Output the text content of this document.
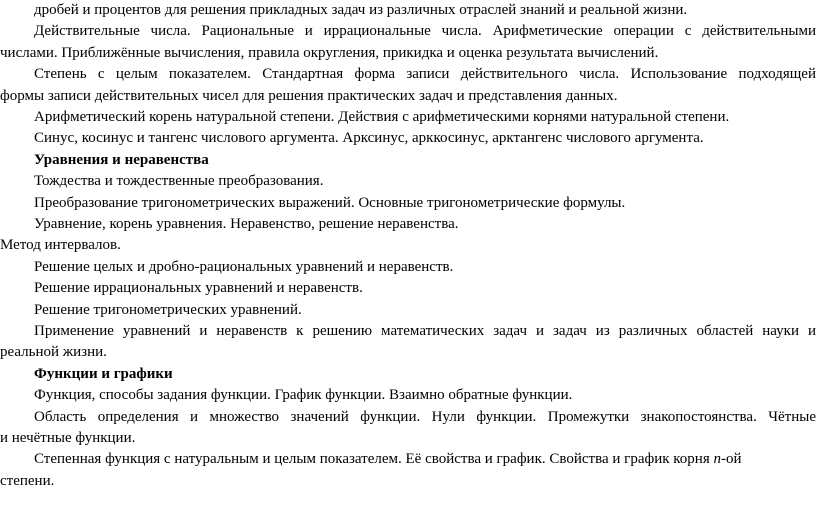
дробей и процентов для решения прикладных задач из различных отраслей знаний и реальной жизни.

Действительные числа. Рациональные и иррациональные числа. Арифметические операции с действительными

числами. Приближённые вычисления, правила округления, прикидка и оценка результата вычислений.

Степень с целым показателем. Стандартная форма записи действительного числа. Использование подходящей

формы записи действительных чисел для решения практических задач и представления данных.

Арифметический корень натуральной степени. Действия с арифметическими корнями натуральной степени.

Синус, косинус и тангенс числового аргумента. Арксинус, арккосинус, арктангенс числового аргумента.

Уравнения и неравенства

Тождества и тождественные преобразования.

Преобразование тригонометрических выражений. Основные тригонометрические формулы.

Уравнение, корень уравнения. Неравенство, решение неравенства.

Метод интервалов.

Решение целых и дробно-рациональных уравнений и неравенств.

Решение иррациональных уравнений и неравенств.

Решение тригонометрических уравнений.

Применение уравнений и неравенств к решению математических задач и задач из различных областей науки и

реальной жизни.

Функции и графики

Функция, способы задания функции. График функции. Взаимно обратные функции.

Область определения и множество значений функции. Нули функции. Промежутки знакопостоянства. Чётные

и нечётные функции.

Степенная функция с натуральным и целым показателем. Её свойства и график. Свойства и график корня n-ой

степени.
